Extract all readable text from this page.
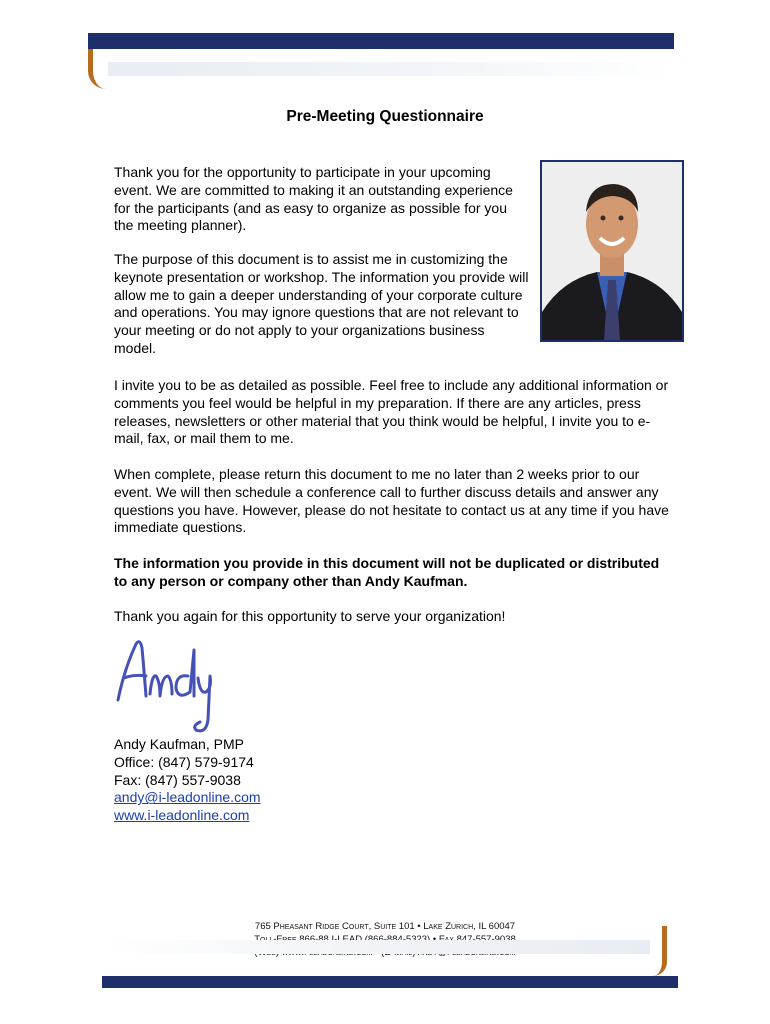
Pre-Meeting Questionnaire

Thank you for the opportunity to participate in your upcoming event. We are committed to making it an outstanding experience for the participants (and as easy to organize as possible for you the meeting planner).

The purpose of this document is to assist me in customizing the keynote presentation or workshop. The information you provide will allow me to gain a deeper understanding of your corporate culture and operations. You may ignore questions that are not relevant to your meeting or do not apply to your organizations business model.

I invite you to be as detailed as possible. Feel free to include any additional information or comments you feel would be helpful in my preparation. If there are any articles, press releases, newsletters or other material that you think would be helpful, I invite you to e-mail, fax, or mail them to me.

When complete, please return this document to me no later than 2 weeks prior to our event. We will then schedule a conference call to further discuss details and answer any questions you have. However, please do not hesitate to contact us at any time if you have immediate questions.

The information you provide in this document will not be duplicated or distributed to any person or company other than Andy Kaufman.

Thank you again for this opportunity to serve your organization!

Andy Kaufman, PMP
Office: (847) 579-9174
Fax: (847) 557-9038
andy@i-leadonline.com
www.i-leadonline.com
765 Pheasant Ridge Court, Suite 101 • Lake Zurich, IL 60047
